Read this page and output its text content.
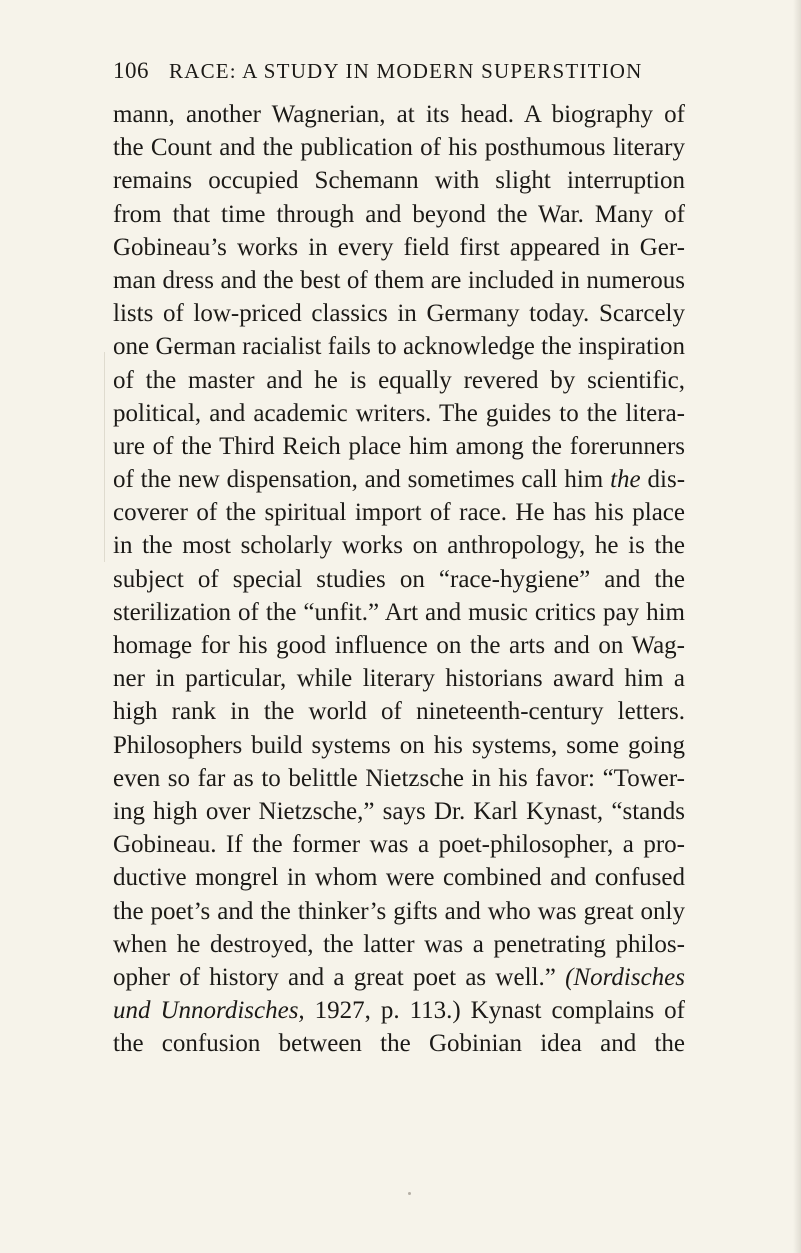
106 RACE: A STUDY IN MODERN SUPERSTITION
mann, another Wagnerian, at its head. A biography of
the Count and the publication of his posthumous literary
remains occupied Schemann with slight interruption
from that time through and beyond the War. Many of
Gobineau’s works in every field first appeared in Ger-
man dress and the best of them are included in numerous
lists of low-priced classics in Germany today. Scarcely
one German racialist fails to acknowledge the inspiration
of the master and he is equally revered by scientific,
political, and academic writers. The guides to the litera-
ure of the Third Reich place him among the forerunners
of the new dispensation, and sometimes call him the dis-
coverer of the spiritual import of race. He has his place
in the most scholarly works on anthropology, he is the
subject of special studies on “race-hygiene” and the
sterilization of the “unfit.” Art and music critics pay him
homage for his good influence on the arts and on Wag-
ner in particular, while literary historians award him a
high rank in the world of nineteenth-century letters.
Philosophers build systems on his systems, some going
even so far as to belittle Nietzsche in his favor: “Tower-
ing high over Nietzsche,” says Dr. Karl Kynast, “stands
Gobineau. If the former was a poet-philosopher, a pro-
ductive mongrel in whom were combined and confused
the poet’s and the thinker’s gifts and who was great only
when he destroyed, the latter was a penetrating philos-
opher of history and a great poet as well.” (Nordisches
und Unnordisches, 1927, p. 113.) Kynast complains of
the confusion between the Gobinian idea and the
